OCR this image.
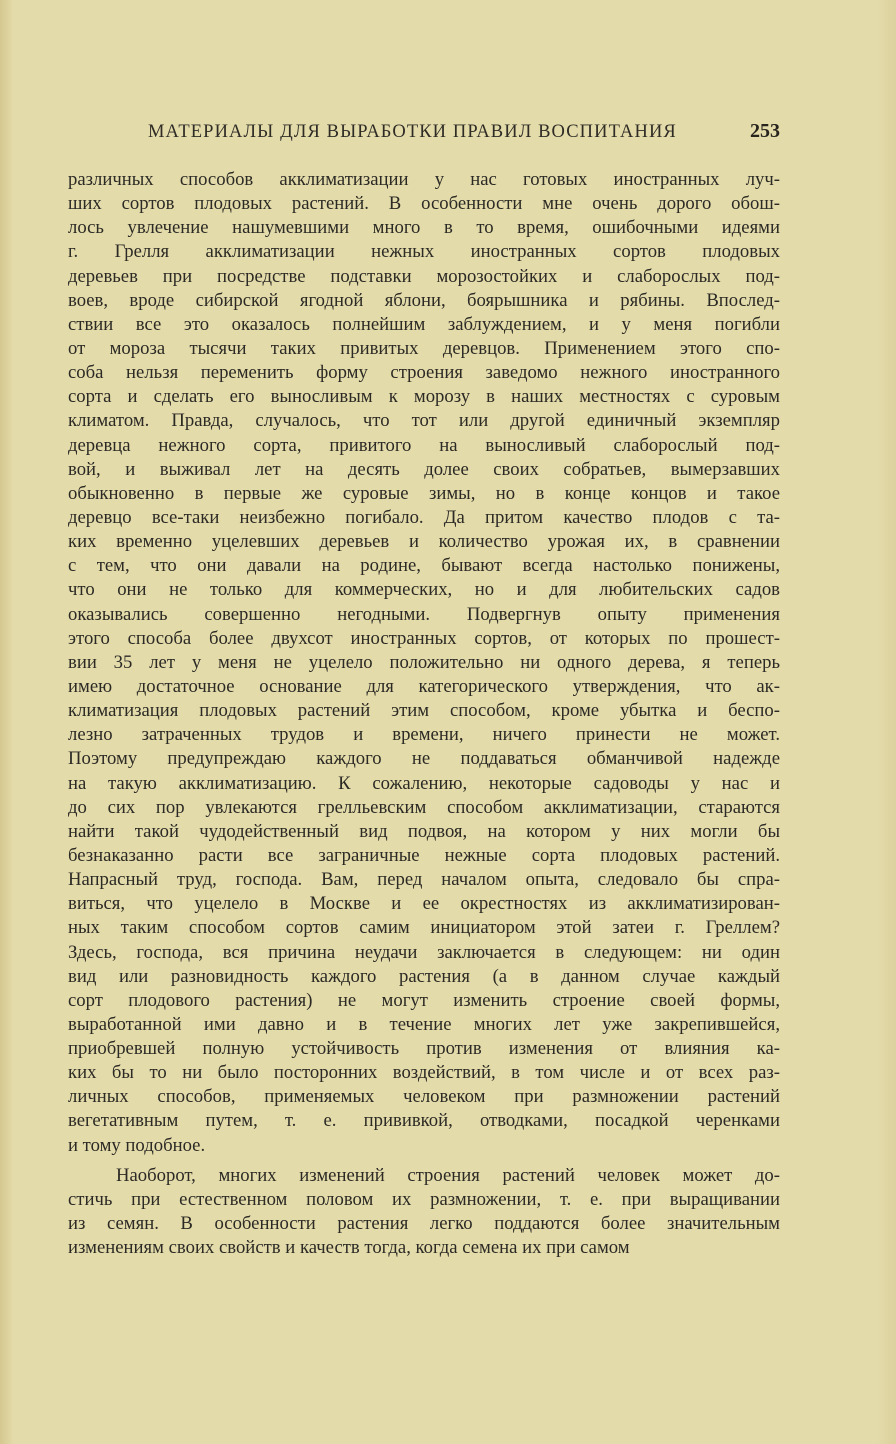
МАТЕРИАЛЫ ДЛЯ ВЫРАБОТКИ ПРАВИЛ ВОСПИТАНИЯ	253
различных способов акклиматизации у нас готовых иностранных луч-
ших сортов плодовых растений. В особенности мне очень дорого обош-
лось увлечение нашумевшими много в то время, ошибочными идеями
г. Грелля акклиматизации нежных иностранных сортов плодовых
деревьев при посредстве подставки морозостойких и слаборослых под-
воев, вроде сибирской ягодной яблони, боярышника и рябины. Впослед-
ствии все это оказалось полнейшим заблуждением, и у меня погибли
от мороза тысячи таких привитых деревцов. Применением этого спо-
соба нельзя переменить форму строения заведомо нежного иностранного
сорта и сделать его выносливым к морозу в наших местностях с суровым
климатом. Правда, случалось, что тот или другой единичный экземпляр
деревца нежного сорта, привитого на выносливый слаборослый под-
вой, и выживал лет на десять долее своих собратьев, вымерзавших
обыкновенно в первые же суровые зимы, но в конце концов и такое
деревцо все-таки неизбежно погибало. Да притом качество плодов с та-
ких временно уцелевших деревьев и количество урожая их, в сравнении
с тем, что они давали на родине, бывают всегда настолько понижены,
что они не только для коммерческих, но и для любительских садов
оказывались совершенно негодными. Подвергнув опыту применения
этого способа более двухсот иностранных сортов, от которых по прошест-
вии 35 лет у меня не уцелело положительно ни одного дерева, я теперь
имею достаточное основание для категорического утверждения, что ак-
климатизация плодовых растений этим способом, кроме убытка и беспо-
лезно затраченных трудов и времени, ничего принести не может.
Поэтому предупреждаю каждого не поддаваться обманчивой надежде
на такую акклиматизацию. К сожалению, некоторые садоводы у нас и
до сих пор увлекаются грелльевским способом акклиматизации, стараются
найти такой чудодейственный вид подвоя, на котором у них могли бы
безнаказанно расти все заграничные нежные сорта плодовых растений.
Напрасный труд, господа. Вам, перед началом опыта, следовало бы спра-
виться, что уцелело в Москве и ее окрестностях из акклиматизирован-
ных таким способом сортов самим инициатором этой затеи г. Греллем?
Здесь, господа, вся причина неудачи заключается в следующем: ни один
вид или разновидность каждого растения (а в данном случае каждый
сорт плодового растения) не могут изменить строение своей формы,
выработанной ими давно и в течение многих лет уже закрепившейся,
приобревшей полную устойчивость против изменения от влияния ка-
ких бы то ни было посторонних воздействий, в том числе и от всех раз-
личных способов, применяемых человеком при размножении растений
вегетативным путем, т. е. прививкой, отводками, посадкой черенками
и тому подобное.
Наоборот, многих изменений строения растений человек может до-
стичь при естественном половом их размножении, т. е. при выращивании
из семян. В особенности растения легко поддаются более значительным
изменениям своих свойств и качеств тогда, когда семена их при самом
